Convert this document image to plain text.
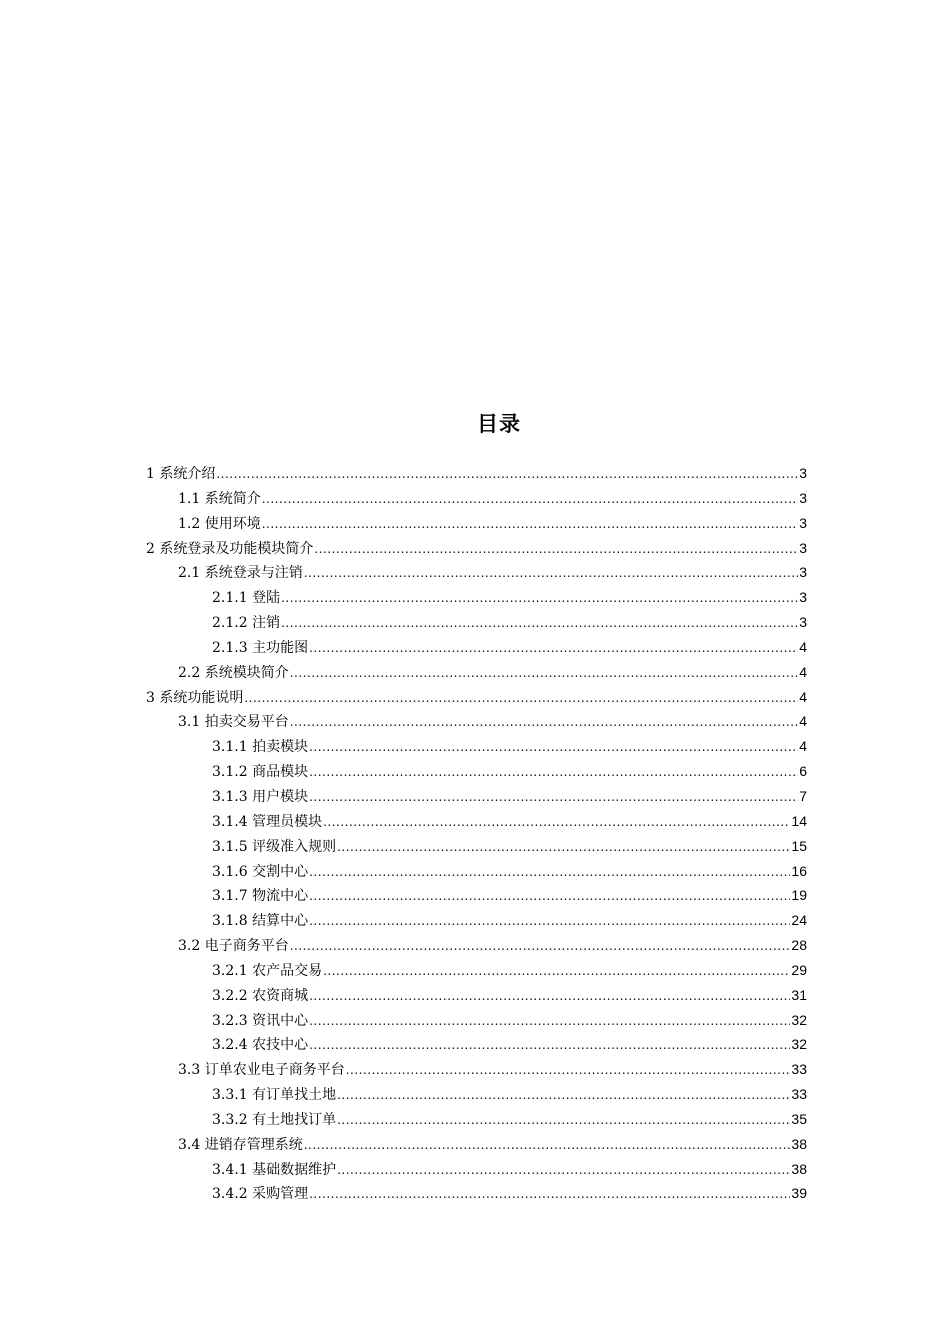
目录
1 系统介绍 .....	3
1.1 系统简介 .....	3
1.2 使用环境 .....	3
2 系统登录及功能模块简介 .....	3
2.1 系统登录与注销 .....	3
2.1.1 登陆 .....	3
2.1.2 注销 .....	3
2.1.3 主功能图 .....	4
2.2 系统模块简介 .....	4
3 系统功能说明 .....	4
3.1 拍卖交易平台 .....	4
3.1.1 拍卖模块 .....	4
3.1.2 商品模块 .....	6
3.1.3 用户模块 .....	7
3.1.4 管理员模块 .....	14
3.1.5 评级准入规则 .....	15
3.1.6 交割中心 .....	16
3.1.7 物流中心 .....	19
3.1.8 结算中心 .....	24
3.2 电子商务平台 .....	28
3.2.1 农产品交易 .....	29
3.2.2 农资商城 .....	31
3.2.3 资讯中心 .....	32
3.2.4 农技中心 .....	32
3.3 订单农业电子商务平台 .....	33
3.3.1 有订单找土地 .....	33
3.3.2 有土地找订单 .....	35
3.4 进销存管理系统 .....	38
3.4.1 基础数据维护 .....	38
3.4.2 采购管理 .....	39
